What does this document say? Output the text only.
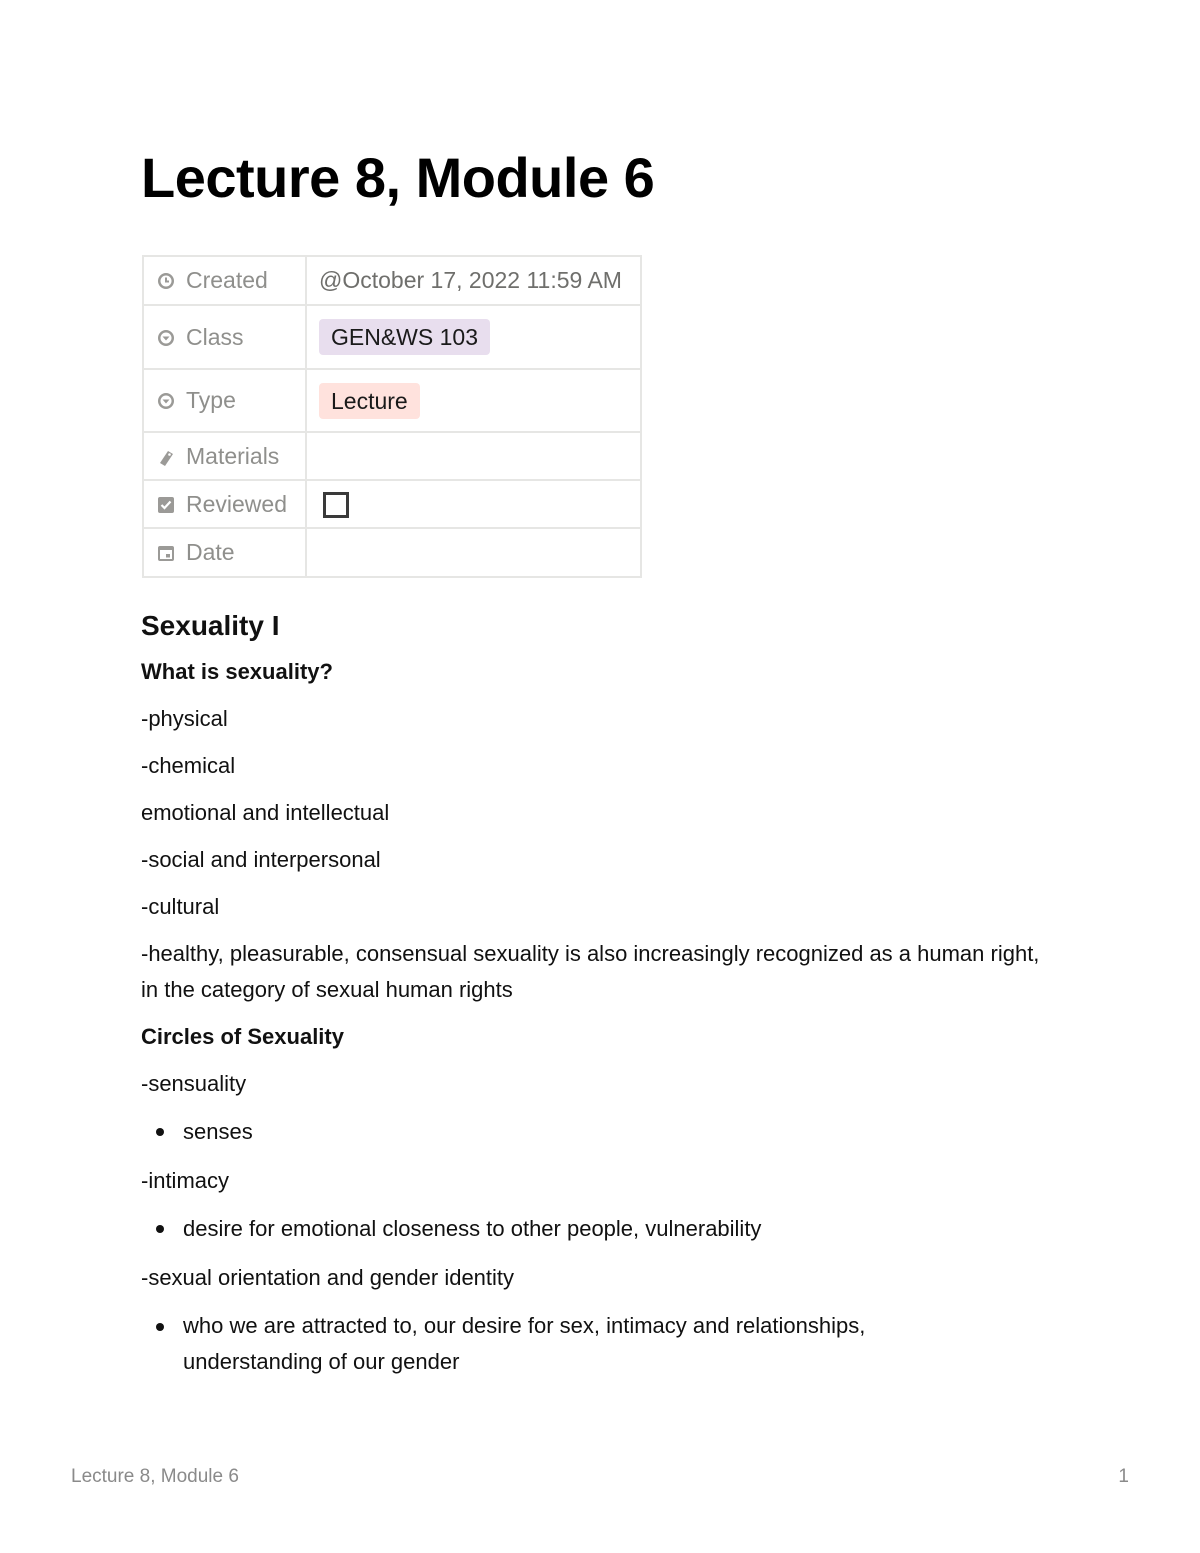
Lecture 8, Module 6
Created	@October 17, 2022 11:59 AM
Class	GEN&WS 103
Type	Lecture
Materials	
Reviewed	
Date	
Sexuality I

What is sexuality?

-physical

-chemical

emotional and intellectual

-social and interpersonal

-cultural

-healthy, pleasurable, consensual sexuality is also increasingly recognized as a human right, in the category of sexual human rights

Circles of Sexuality

-sensuality

senses

-intimacy

desire for emotional closeness to other people, vulnerability

-sexual orientation and gender identity

who we are attracted to, our desire for sex, intimacy and relationships, understanding of our gender
Lecture 8, Module 6	1
